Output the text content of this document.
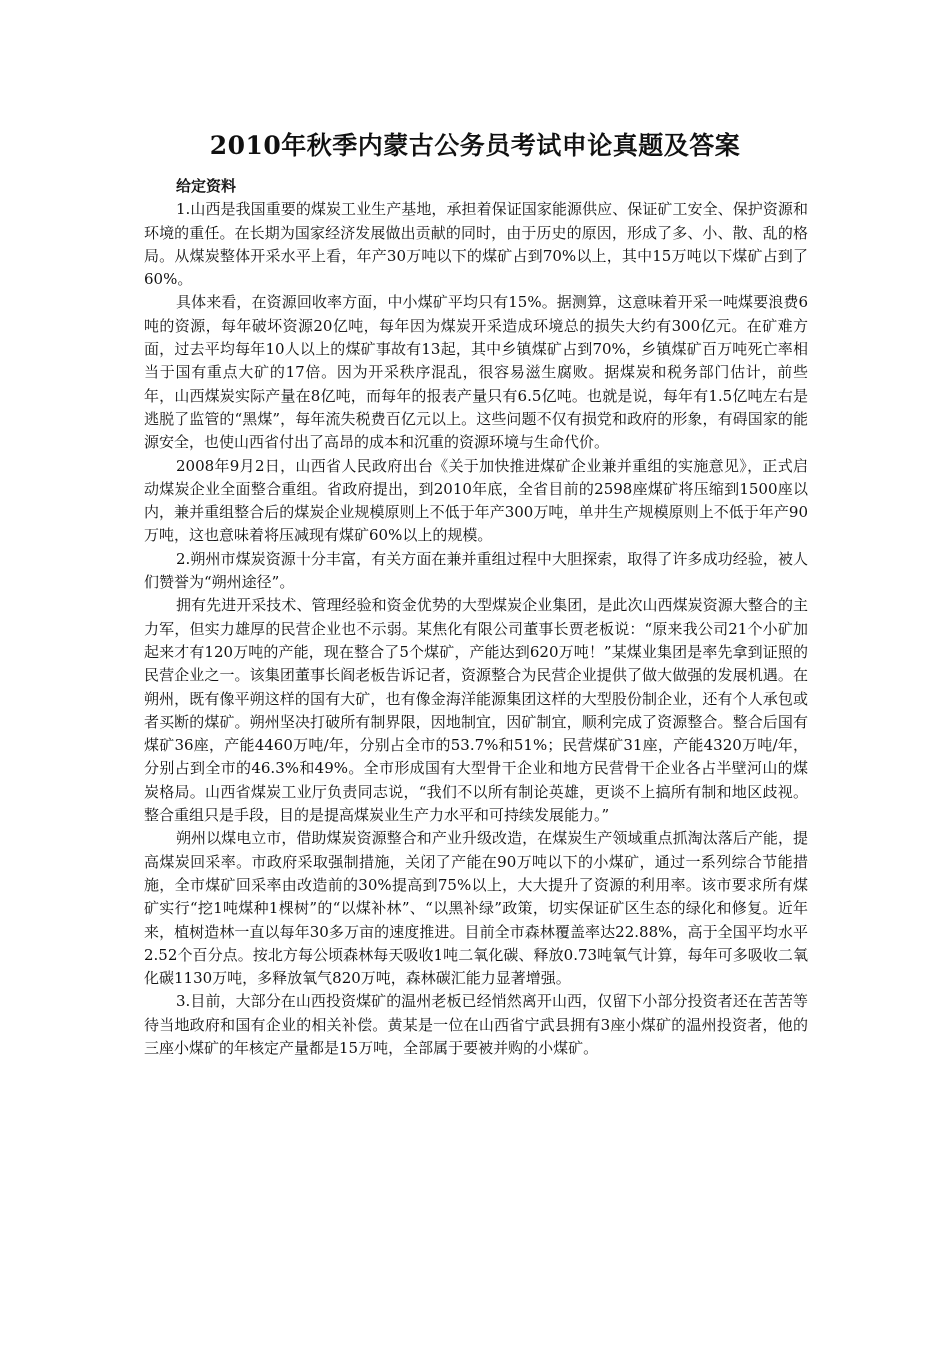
2010年秋季内蒙古公务员考试申论真题及答案

给定资料

1.山西是我国重要的煤炭工业生产基地，承担着保证国家能源供应、保证矿工安全、保护资源和环境的重任。在长期为国家经济发展做出贡献的同时，由于历史的原因，形成了多、小、散、乱的格局。从煤炭整体开采水平上看，年产30万吨以下的煤矿占到70%以上，其中15万吨以下煤矿占到了60%。

具体来看，在资源回收率方面，中小煤矿平均只有15%。据测算，这意味着开采一吨煤要浪费6吨的资源，每年破坏资源20亿吨，每年因为煤炭开采造成环境总的损失大约有300亿元。在矿难方面，过去平均每年10人以上的煤矿事故有13起，其中乡镇煤矿占到70%，乡镇煤矿百万吨死亡率相当于国有重点大矿的17倍。因为开采秩序混乱，很容易滋生腐败。据煤炭和税务部门估计，前些年，山西煤炭实际产量在8亿吨，而每年的报表产量只有6.5亿吨。也就是说，每年有1.5亿吨左右是逃脱了监管的“黑煤”，每年流失税费百亿元以上。这些问题不仅有损党和政府的形象，有碍国家的能源安全，也使山西省付出了高昂的成本和沉重的资源环境与生命代价。

2008年9月2日，山西省人民政府出台《关于加快推进煤矿企业兼并重组的实施意见》，正式启动煤炭企业全面整合重组。省政府提出，到2010年底，全省目前的2598座煤矿将压缩到1500座以内，兼并重组整合后的煤炭企业规模原则上不低于年产300万吨，单井生产规模原则上不低于年产90万吨，这也意味着将压减现有煤矿60%以上的规模。

2.朔州市煤炭资源十分丰富，有关方面在兼并重组过程中大胆探索，取得了许多成功经验，被人们赞誉为“朔州途径”。

拥有先进开采技术、管理经验和资金优势的大型煤炭企业集团，是此次山西煤炭资源大整合的主力军，但实力雄厚的民营企业也不示弱。某焦化有限公司董事长贾老板说：“原来我公司21个小矿加起来才有120万吨的产能，现在整合了5个煤矿，产能达到620万吨！”某煤业集团是率先拿到证照的民营企业之一。该集团董事长阎老板告诉记者，资源整合为民营企业提供了做大做强的发展机遇。在朔州，既有像平朔这样的国有大矿，也有像金海洋能源集团这样的大型股份制企业，还有个人承包或者买断的煤矿。朔州坚决打破所有制界限，因地制宜，因矿制宜，顺利完成了资源整合。整合后国有煤矿36座，产能4460万吨/年，分别占全市的53.7%和51%；民营煤矿31座，产能4320万吨/年，分别占到全市的46.3%和49%。全市形成国有大型骨干企业和地方民营骨干企业各占半壁河山的煤炭格局。山西省煤炭工业厅负责同志说，“我们不以所有制论英雄，更谈不上搞所有制和地区歧视。整合重组只是手段，目的是提高煤炭业生产力水平和可持续发展能力。”

朔州以煤电立市，借助煤炭资源整合和产业升级改造，在煤炭生产领域重点抓淘汰落后产能，提高煤炭回采率。市政府采取强制措施，关闭了产能在90万吨以下的小煤矿，通过一系列综合节能措施，全市煤矿回采率由改造前的30%提高到75%以上，大大提升了资源的利用率。该市要求所有煤矿实行“挖1吨煤种1棵树”的“以煤补林”、“以黑补绿”政策，切实保证矿区生态的绿化和修复。近年来，植树造林一直以每年30多万亩的速度推进。目前全市森林覆盖率达22.88%，高于全国平均水平2.52个百分点。按北方每公顷森林每天吸收1吨二氧化碳、释放0.73吨氧气计算，每年可多吸收二氧化碳1130万吨，多释放氧气820万吨，森林碳汇能力显著增强。

3.目前，大部分在山西投资煤矿的温州老板已经悄然离开山西，仅留下小部分投资者还在苦苦等待当地政府和国有企业的相关补偿。黄某是一位在山西省宁武县拥有3座小煤矿的温州投资者，他的三座小煤矿的年核定产量都是15万吨，全部属于要被并购的小煤矿。
